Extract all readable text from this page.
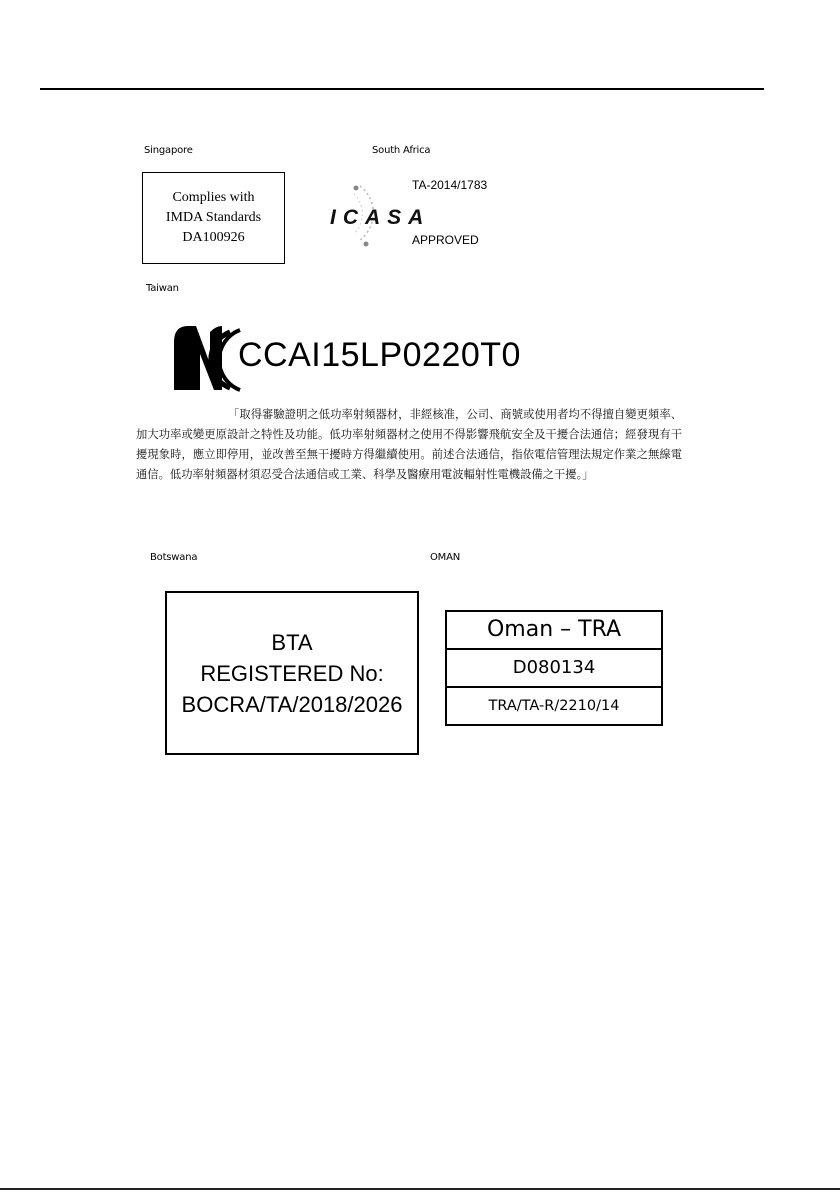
Singapore
Complies with
IMDA Standards
DA100926
South Africa
ICASA
TA-2014/1783
APPROVED
Taiwan
CCAI15LP0220T0
「取得審驗證明之低功率射頻器材，非經核准，公司、商號或使用者均不得擅自變更頻率、加大功率或變更原設計之特性及功能。低功率射頻器材之使用不得影響飛航安全及干擾合法通信；經發現有干擾現象時，應立即停用，並改善至無干擾時方得繼續使用。前述合法通信，指依電信管理法規定作業之無線電通信。低功率射頻器材須忍受合法通信或工業、科學及醫療用電波輻射性電機設備之干擾。」
Botswana
BTA
REGISTERED No:
BOCRA/TA/2018/2026
OMAN
Oman – TRA
D080134
TRA/TA-R/2210/14
